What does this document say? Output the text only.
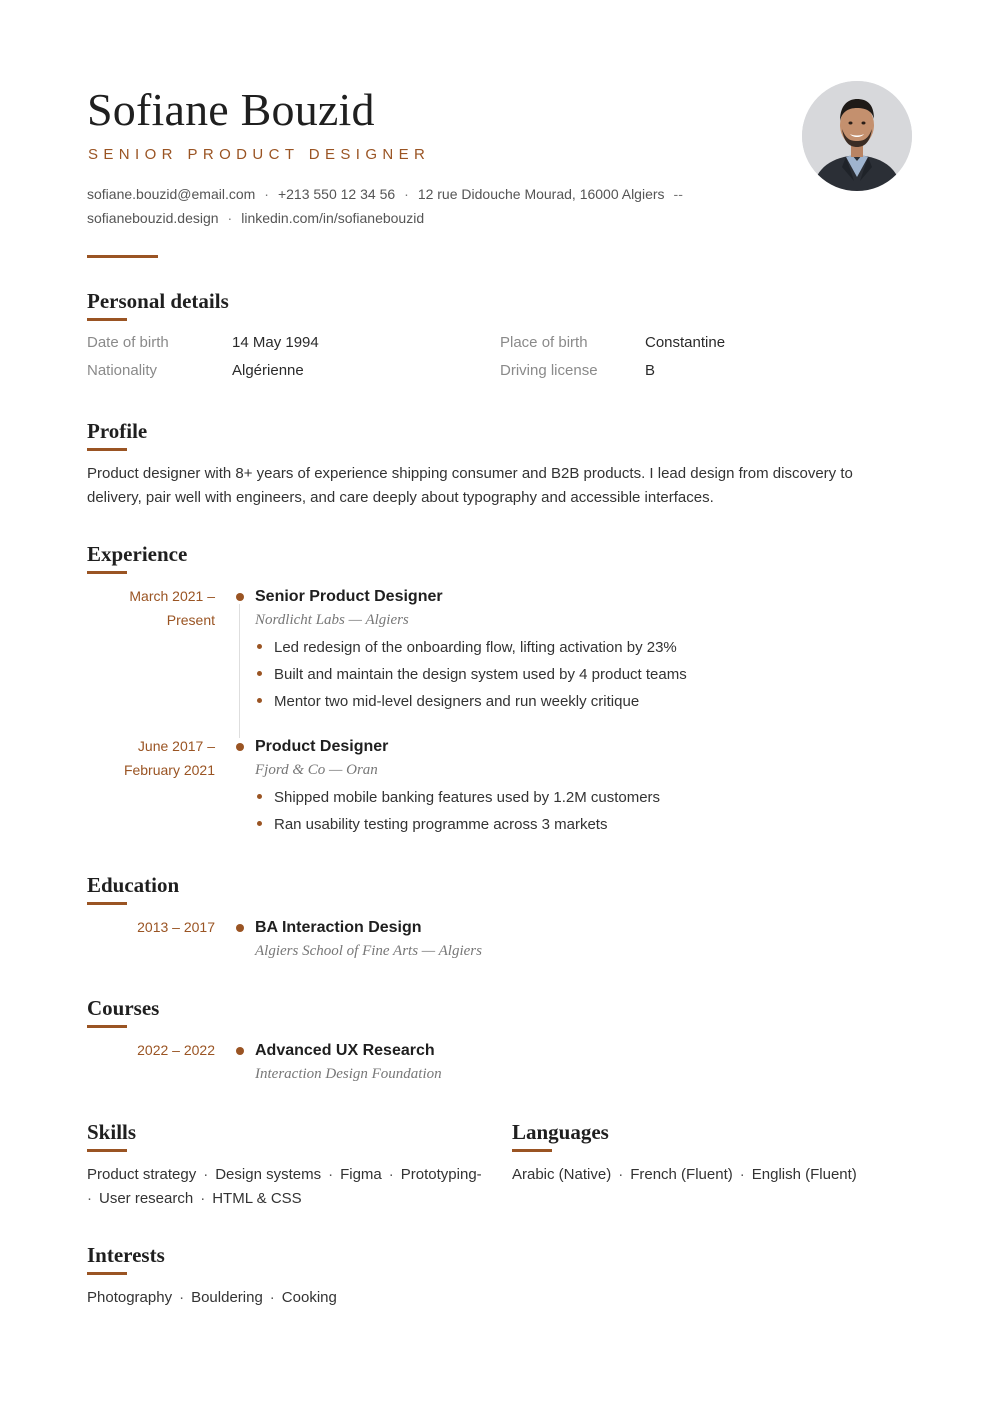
Sofiane Bouzid
SENIOR PRODUCT DESIGNER
sofiane.bouzid@email.com · +213 550 12 34 56 · 12 rue Didouche Mourad, 16000 Algiers --
sofianebouzid.design · linkedin.com/in/sofianebouzid
Personal details
Date of birth	14 May 1994	Place of birth	Constantine
Nationality	Algérienne	Driving license	B
Profile
Product designer with 8+ years of experience shipping consumer and B2B products. I lead design from discovery to delivery, pair well with engineers, and care deeply about typography and accessible interfaces.
Experience
March 2021 –
Present
Senior Product Designer
Nordlicht Labs — Algiers
Led redesign of the onboarding flow, lifting activation by 23%
Built and maintain the design system used by 4 product teams
Mentor two mid-level designers and run weekly critique
June 2017 –
February 2021
Product Designer
Fjord & Co — Oran
Shipped mobile banking features used by 1.2M customers
Ran usability testing programme across 3 markets
Education
2013 – 2017	BA Interaction Design
Algiers School of Fine Arts — Algiers
Courses
2022 – 2022	Advanced UX Research
Interaction Design Foundation
Skills
Product strategy · Design systems · Figma · Prototyping-
· User research · HTML & CSS
Languages
Arabic (Native) · French (Fluent) · English (Fluent)
Interests
Photography · Bouldering · Cooking
